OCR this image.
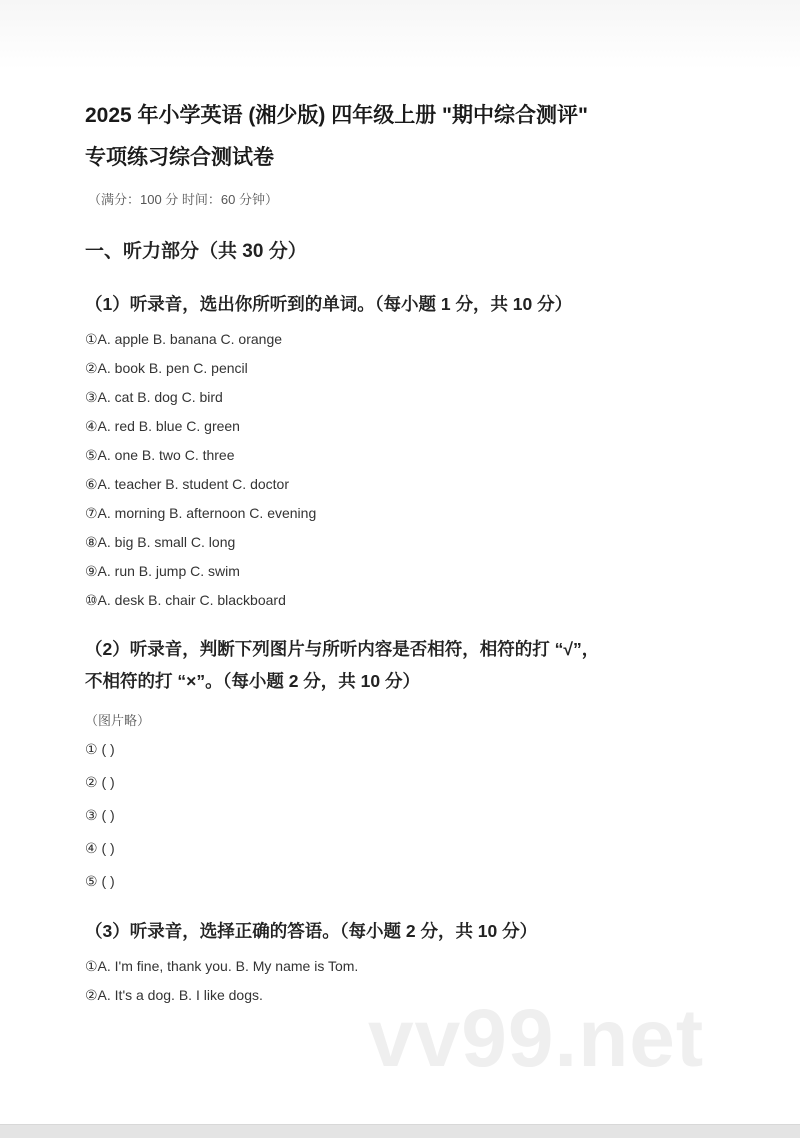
2025 年小学英语 (湘少版) 四年级上册 "期中综合测评"
专项练习综合测试卷
（满分：100 分 时间：60 分钟）
一、听力部分（共 30 分）
（1）听录音，选出你所听到的单词。（每小题 1 分，共 10 分）
①A. apple B. banana C. orange
②A. book B. pen C. pencil
③A. cat B. dog C. bird
④A. red B. blue C. green
⑤A. one B. two C. three
⑥A. teacher B. student C. doctor
⑦A. morning B. afternoon C. evening
⑧A. big B. small C. long
⑨A. run B. jump C. swim
⑩A. desk B. chair C. blackboard
（2）听录音，判断下列图片与所听内容是否相符，相符的打 “√”，
不相符的打 “×”。（每小题 2 分，共 10 分）
（图片略）
① ( )
② ( )
③ ( )
④ ( )
⑤ ( )
（3）听录音，选择正确的答语。（每小题 2 分，共 10 分）
①A. I'm fine, thank you. B. My name is Tom.
②A. It's a dog. B. I like dogs. vv99.net
